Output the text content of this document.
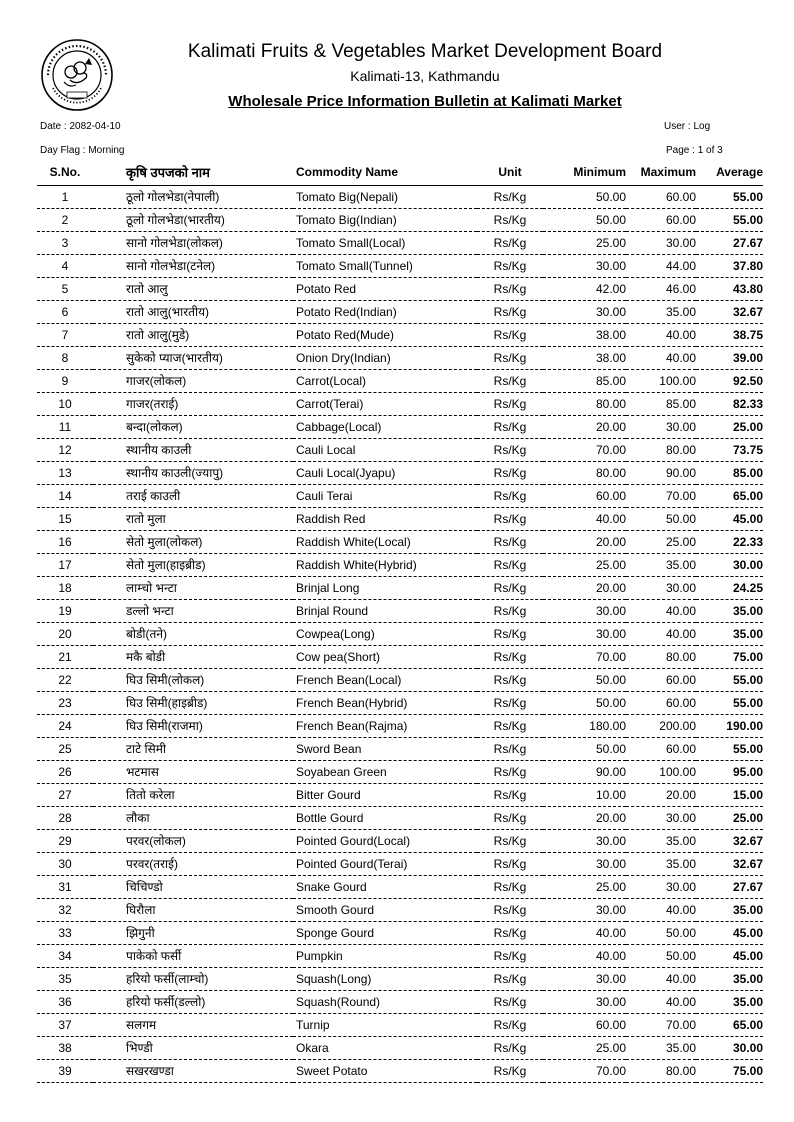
Kalimati Fruits & Vegetables Market Development Board
Kalimati-13, Kathmandu
Wholesale Price Information Bulletin at Kalimati Market
Date : 2082-04-10	User : Log
Day Flag : Morning	Page : 1 of 3
S.No.	कृषि उपजको नाम	Commodity Name	Unit	Minimum	Maximum	Average
1	ठूलो गोलभेडा(नेपाली)	Tomato Big(Nepali)	Rs/Kg	50.00	60.00	55.00
2	ठूलो गोलभेडा(भारतीय)	Tomato Big(Indian)	Rs/Kg	50.00	60.00	55.00
3	सानो गोलभेडा(लोकल)	Tomato Small(Local)	Rs/Kg	25.00	30.00	27.67
4	सानो गोलभेडा(टनेल)	Tomato Small(Tunnel)	Rs/Kg	30.00	44.00	37.80
5	रातो आलु	Potato Red	Rs/Kg	42.00	46.00	43.80
6	रातो आलु(भारतीय)	Potato Red(Indian)	Rs/Kg	30.00	35.00	32.67
7	रातो आलु(मुडे)	Potato Red(Mude)	Rs/Kg	38.00	40.00	38.75
8	सुकेको प्याज(भारतीय)	Onion Dry(Indian)	Rs/Kg	38.00	40.00	39.00
9	गाजर(लोकल)	Carrot(Local)	Rs/Kg	85.00	100.00	92.50
10	गाजर(तराई)	Carrot(Terai)	Rs/Kg	80.00	85.00	82.33
11	बन्दा(लोकल)	Cabbage(Local)	Rs/Kg	20.00	30.00	25.00
12	स्थानीय काउली	Cauli Local	Rs/Kg	70.00	80.00	73.75
13	स्थानीय काउली(ज्यापु)	Cauli Local(Jyapu)	Rs/Kg	80.00	90.00	85.00
14	तराई काउली	Cauli Terai	Rs/Kg	60.00	70.00	65.00
15	रातो मुला	Raddish Red	Rs/Kg	40.00	50.00	45.00
16	सेतो मुला(लोकल)	Raddish White(Local)	Rs/Kg	20.00	25.00	22.33
17	सेतो मुला(हाइब्रीड)	Raddish White(Hybrid)	Rs/Kg	25.00	35.00	30.00
18	लाम्चो भन्टा	Brinjal Long	Rs/Kg	20.00	30.00	24.25
19	डल्लो भन्टा	Brinjal Round	Rs/Kg	30.00	40.00	35.00
20	बोडी(तने)	Cowpea(Long)	Rs/Kg	30.00	40.00	35.00
21	मकै बोडी	Cow pea(Short)	Rs/Kg	70.00	80.00	75.00
22	घिउ सिमी(लोकल)	French Bean(Local)	Rs/Kg	50.00	60.00	55.00
23	घिउ सिमी(हाइब्रीड)	French Bean(Hybrid)	Rs/Kg	50.00	60.00	55.00
24	घिउ सिमी(राजमा)	French Bean(Rajma)	Rs/Kg	180.00	200.00	190.00
25	टाटे सिमी	Sword Bean	Rs/Kg	50.00	60.00	55.00
26	भटमास	Soyabean Green	Rs/Kg	90.00	100.00	95.00
27	तितो करेला	Bitter Gourd	Rs/Kg	10.00	20.00	15.00
28	लौका	Bottle Gourd	Rs/Kg	20.00	30.00	25.00
29	परवर(लोकल)	Pointed Gourd(Local)	Rs/Kg	30.00	35.00	32.67
30	परवर(तराई)	Pointed Gourd(Terai)	Rs/Kg	30.00	35.00	32.67
31	चिचिण्डो	Snake Gourd	Rs/Kg	25.00	30.00	27.67
32	घिरौला	Smooth Gourd	Rs/Kg	30.00	40.00	35.00
33	झिगुनी	Sponge Gourd	Rs/Kg	40.00	50.00	45.00
34	पाकेको फर्सी	Pumpkin	Rs/Kg	40.00	50.00	45.00
35	हरियो फर्सी(लाम्चो)	Squash(Long)	Rs/Kg	30.00	40.00	35.00
36	हरियो फर्सी(डल्लो)	Squash(Round)	Rs/Kg	30.00	40.00	35.00
37	सलगम	Turnip	Rs/Kg	60.00	70.00	65.00
38	भिण्डी	Okara	Rs/Kg	25.00	35.00	30.00
39	सखरखण्डा	Sweet Potato	Rs/Kg	70.00	80.00	75.00
